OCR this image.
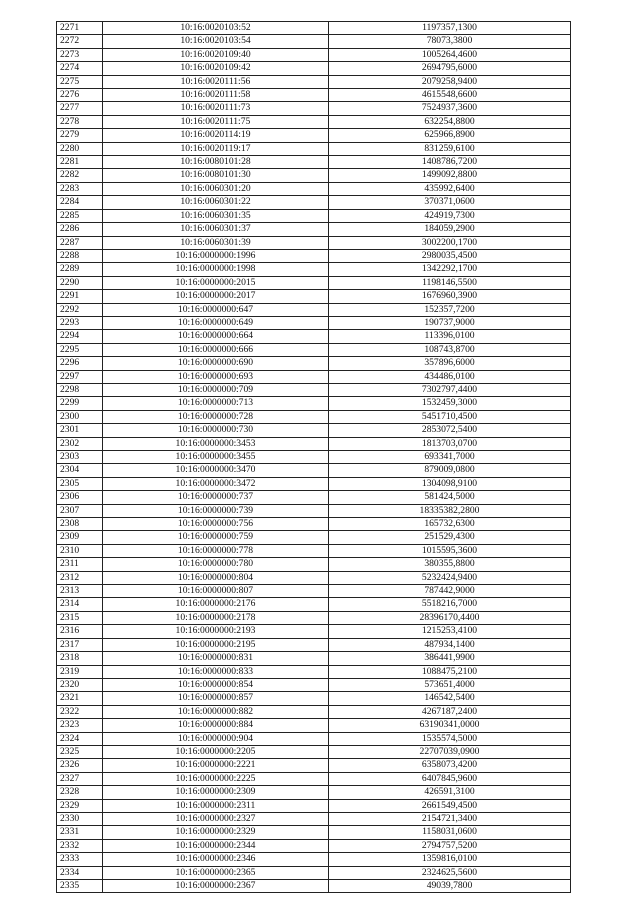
2271	10:16:0020103:52	1197357,1300
2272	10:16:0020103:54	78073,3800
2273	10:16:0020109:40	1005264,4600
2274	10:16:0020109:42	2694795,6000
2275	10:16:0020111:56	2079258,9400
2276	10:16:0020111:58	4615548,6600
2277	10:16:0020111:73	7524937,3600
2278	10:16:0020111:75	632254,8800
2279	10:16:0020114:19	625966,8900
2280	10:16:0020119:17	831259,6100
2281	10:16:0080101:28	1408786,7200
2282	10:16:0080101:30	1499092,8800
2283	10:16:0060301:20	435992,6400
2284	10:16:0060301:22	370371,0600
2285	10:16:0060301:35	424919,7300
2286	10:16:0060301:37	184059,2900
2287	10:16:0060301:39	3002200,1700
2288	10:16:0000000:1996	2980035,4500
2289	10:16:0000000:1998	1342292,1700
2290	10:16:0000000:2015	1198146,5500
2291	10:16:0000000:2017	1676960,3900
2292	10:16:0000000:647	152357,7200
2293	10:16:0000000:649	190737,9000
2294	10:16:0000000:664	113396,0100
2295	10:16:0000000:666	108743,8700
2296	10:16:0000000:690	357896,6000
2297	10:16:0000000:693	434486,0100
2298	10:16:0000000:709	7302797,4400
2299	10:16:0000000:713	1532459,3000
2300	10:16:0000000:728	5451710,4500
2301	10:16:0000000:730	2853072,5400
2302	10:16:0000000:3453	1813703,0700
2303	10:16:0000000:3455	693341,7000
2304	10:16:0000000:3470	879009,0800
2305	10:16:0000000:3472	1304098,9100
2306	10:16:0000000:737	581424,5000
2307	10:16:0000000:739	18335382,2800
2308	10:16:0000000:756	165732,6300
2309	10:16:0000000:759	251529,4300
2310	10:16:0000000:778	1015595,3600
2311	10:16:0000000:780	380355,8800
2312	10:16:0000000:804	5232424,9400
2313	10:16:0000000:807	787442,9000
2314	10:16:0000000:2176	5518216,7000
2315	10:16:0000000:2178	28396170,4400
2316	10:16:0000000:2193	1215253,4100
2317	10:16:0000000:2195	487934,1400
2318	10:16:0000000:831	386441,9900
2319	10:16:0000000:833	1088475,2100
2320	10:16:0000000:854	573651,4000
2321	10:16:0000000:857	146542,5400
2322	10:16:0000000:882	4267187,2400
2323	10:16:0000000:884	63190341,0000
2324	10:16:0000000:904	1535574,5000
2325	10:16:0000000:2205	22707039,0900
2326	10:16:0000000:2221	6358073,4200
2327	10:16:0000000:2225	6407845,9600
2328	10:16:0000000:2309	426591,3100
2329	10:16:0000000:2311	2661549,4500
2330	10:16:0000000:2327	2154721,3400
2331	10:16:0000000:2329	1158031,0600
2332	10:16:0000000:2344	2794757,5200
2333	10:16:0000000:2346	1359816,0100
2334	10:16:0000000:2365	2324625,5600
2335	10:16:0000000:2367	49039,7800
